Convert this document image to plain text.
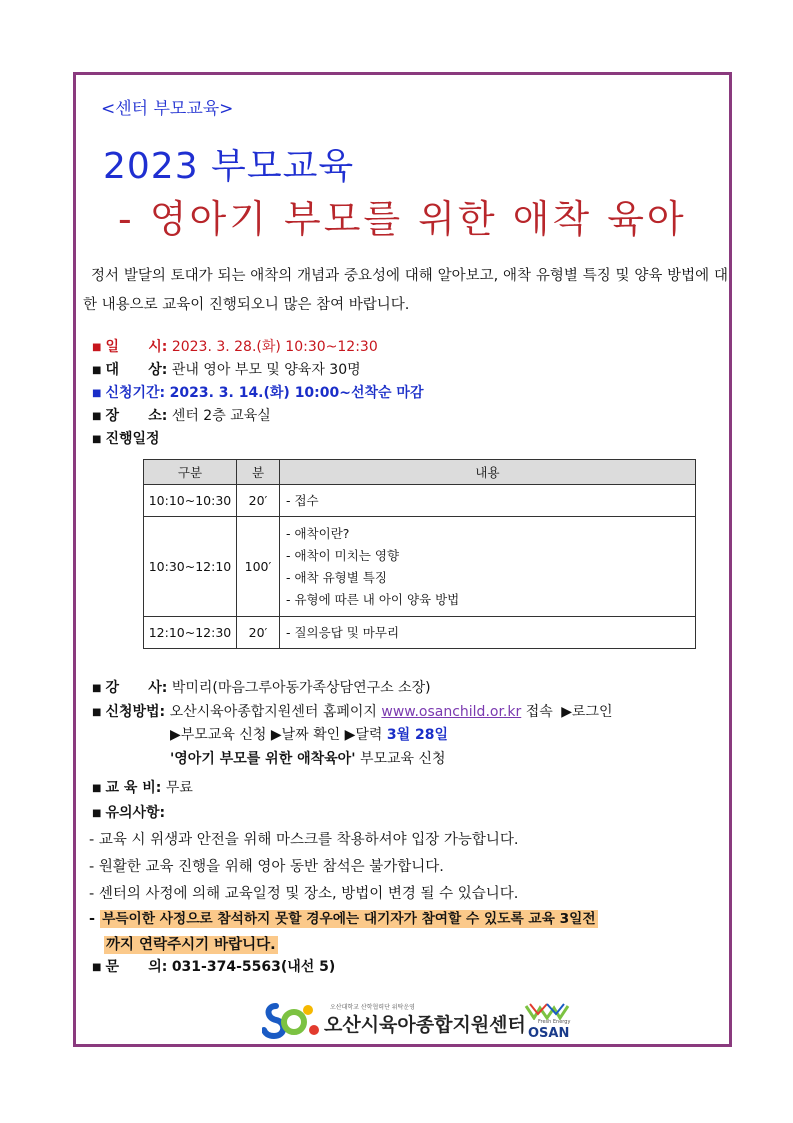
<센터 부모교육>
2023 부모교육
- 영아기 부모를 위한 애착 육아
정서 발달의 토대가 되는 애착의 개념과 중요성에 대해 알아보고, 애착 유형별 특징 및 양육 방법에 대한 내용으로 교육이 진행되오니 많은 참여 바랍니다.
■ 일      시: 2023. 3. 28.(화) 10:30~12:30
■ 대      상: 관내 영아 부모 및 양육자 30명
■ 신청기간: 2023. 3. 14.(화) 10:00~선착순 마감
■ 장      소: 센터 2층 교육실
■ 진행일정
구분	분	내용
10:10~10:30	20′	- 접수

10:30~12:10	100′	- 애착이란?
- 애착이 미치는 영향
- 애착 유형별 특징
- 유형에 따른 내 아이 양육 방법

12:10~12:30	20′	- 질의응답 및 마무리
■ 강      사: 박미리(마음그루아동가족상담연구소 소장)
■ 신청방법: 오산시육아종합지원센터 홈페이지 www.osanchild.or.kr 접속 ▶로그인
▶부모교육 신청 ▶날짜 확인 ▶달력 3월 28일
'영아기 부모를 위한 애착육아' 부모교육 신청
■ 교 육 비: 무료
■ 유의사항:
- 교육 시 위생과 안전을 위해 마스크를 착용하셔야 입장 가능합니다.
- 원활한 교육 진행을 위해 영아 동반 참석은 불가합니다.
- 센터의 사정에 의해 교육일정 및 장소, 방법이 변경 될 수 있습니다.
- 부득이한 사정으로 참석하지 못할 경우에는 대기자가 참여할 수 있도록 교육 3일전
까지 연락주시기 바랍니다.
■ 문      의: 031-374-5563(내선 5)
오산대학교 산학협력단 위탁운영
오산시육아종합지원센터 Fresh Energy
OSAN
